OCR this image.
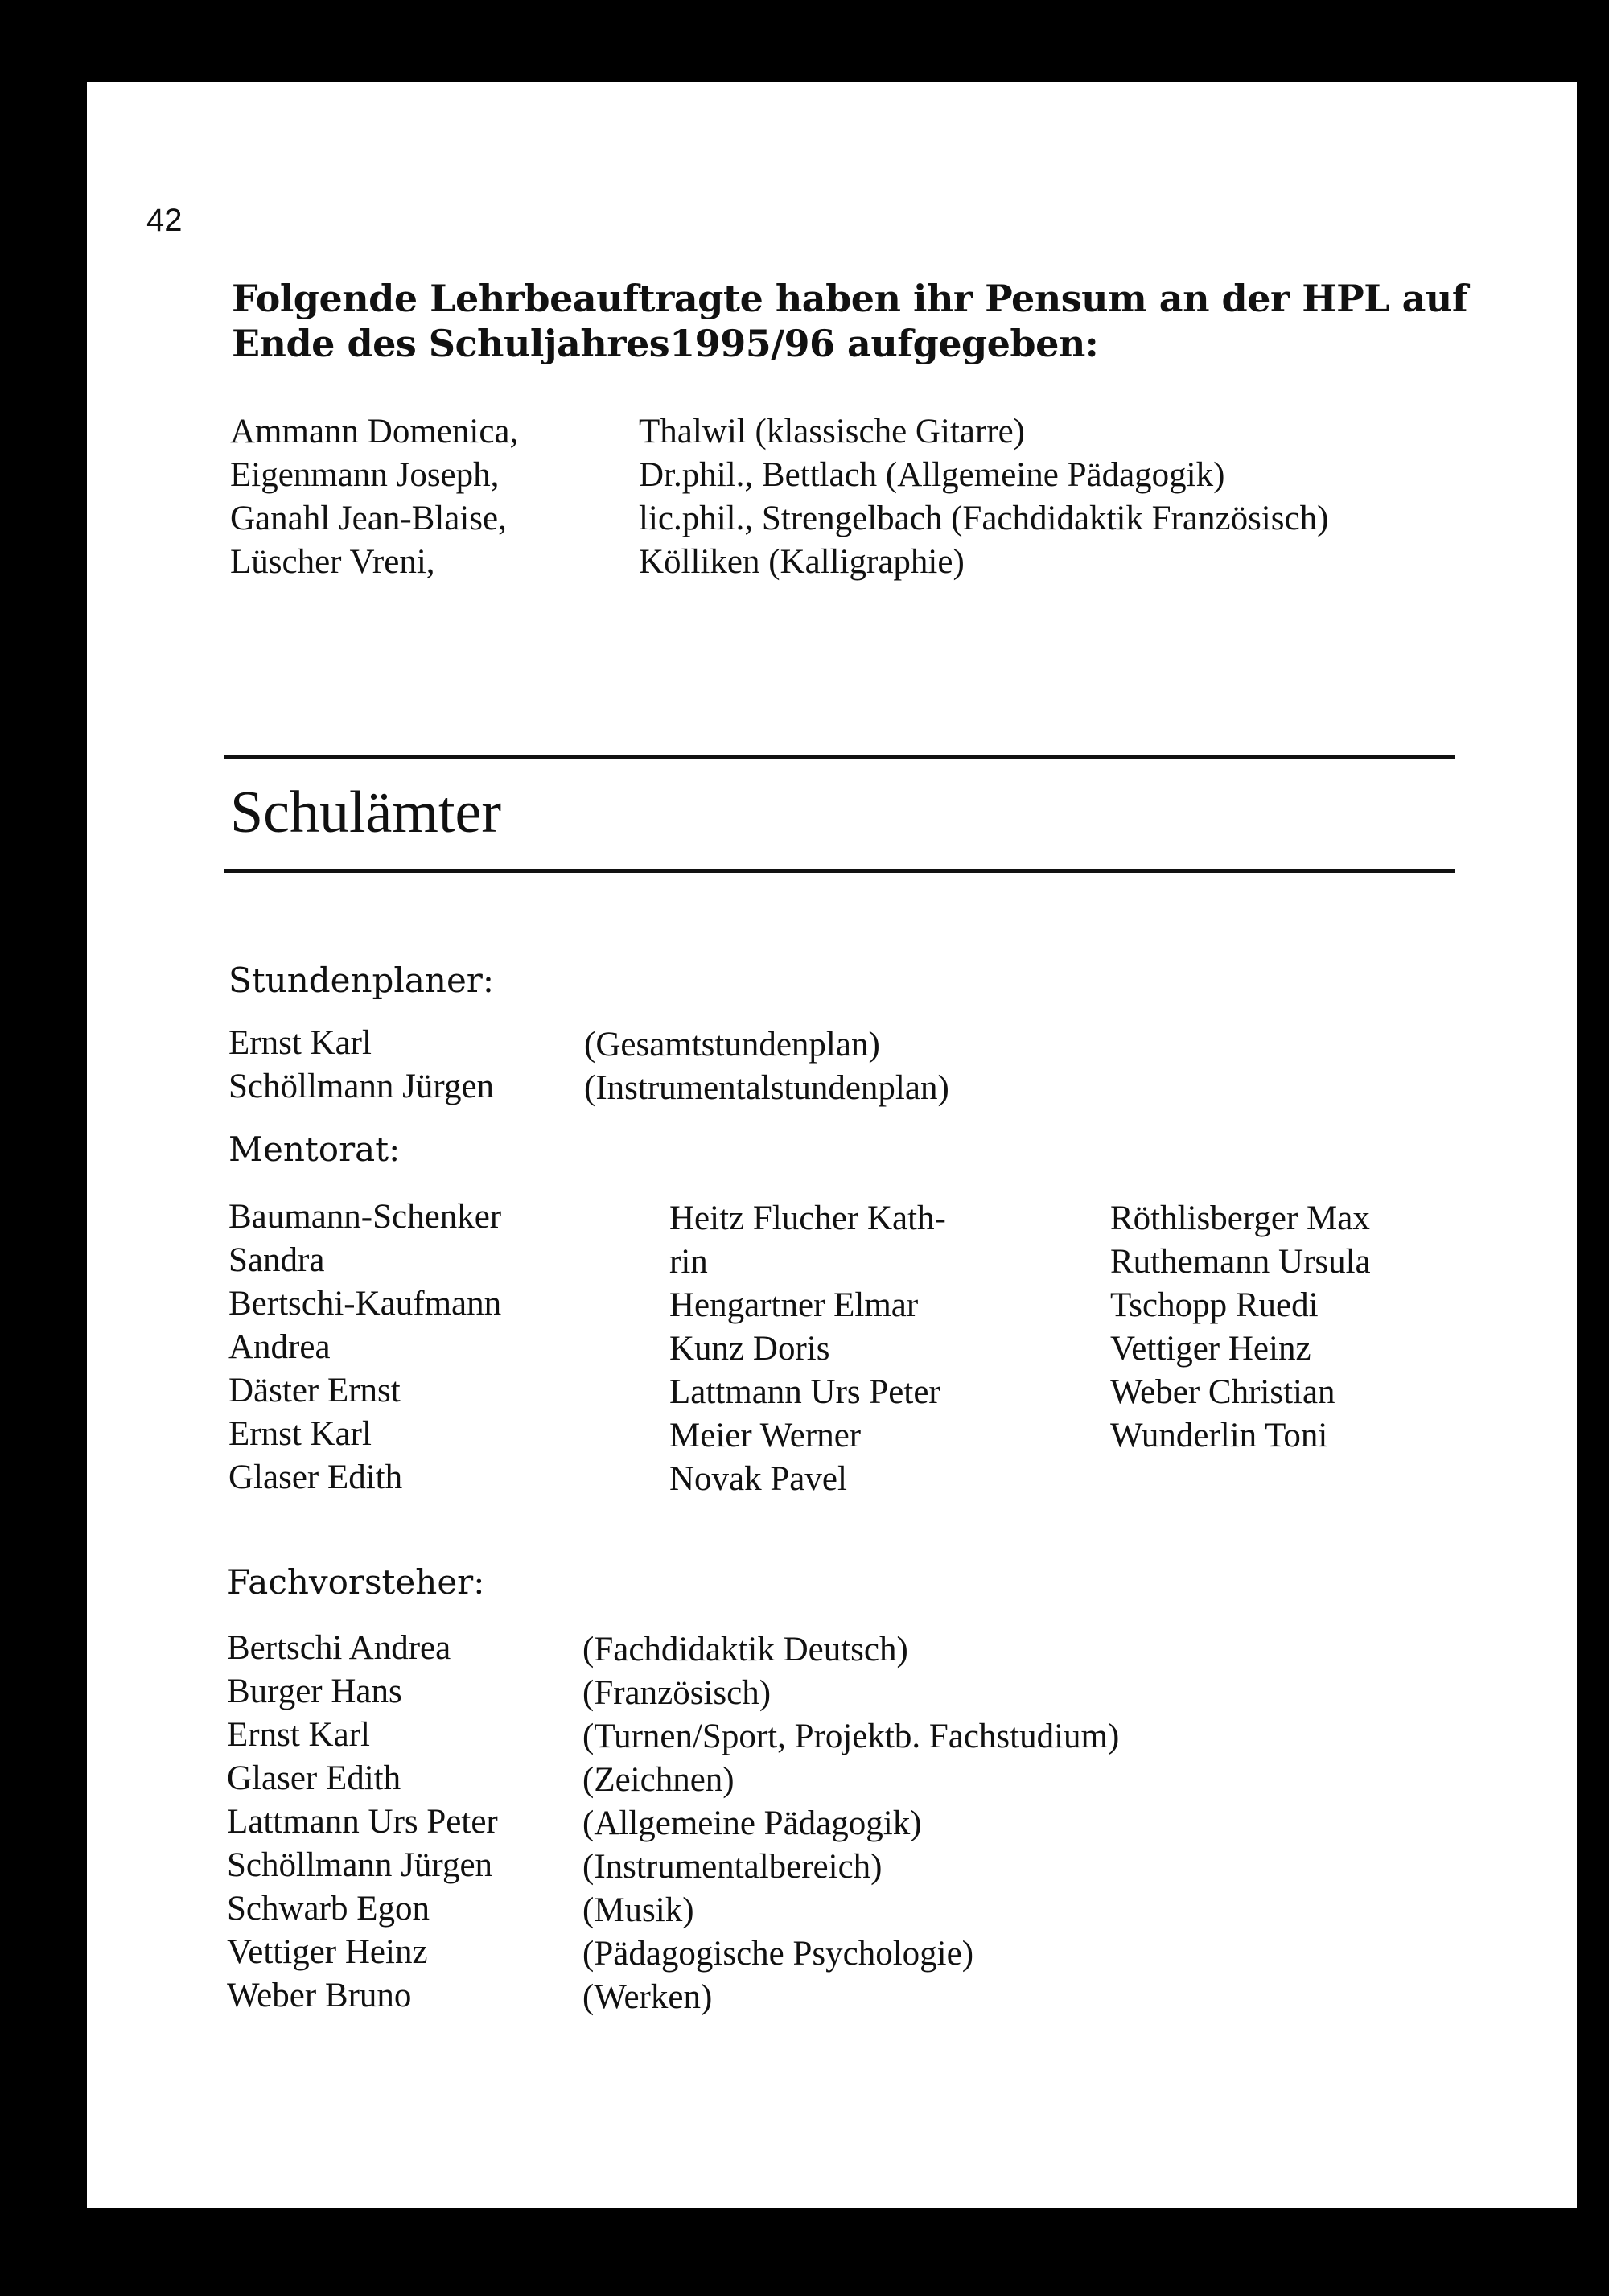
42
Folgende Lehrbeauftragte haben ihr Pensum an der HPL auf
Ende des Schuljahres1995/96 aufgegeben:
Ammann Domenica,
Eigenmann Joseph,
Ganahl Jean-Blaise,
Lüscher Vreni,
Thalwil (klassische Gitarre)
Dr.phil., Bettlach (Allgemeine Pädagogik)
lic.phil., Strengelbach (Fachdidaktik Französisch)
Kölliken (Kalligraphie)
Schulämter
Stundenplaner:
Ernst Karl
Schöllmann Jürgen
(Gesamtstundenplan)
(Instrumentalstundenplan)
Mentorat:
Baumann-Schenker
Sandra
Bertschi-Kaufmann
Andrea
Däster Ernst
Ernst Karl
Glaser Edith
Heitz Flucher Kath-
rin
Hengartner Elmar
Kunz Doris
Lattmann Urs Peter
Meier Werner
Novak Pavel
Röthlisberger Max
Ruthemann Ursula
Tschopp Ruedi
Vettiger Heinz
Weber Christian
Wunderlin Toni
Fachvorsteher:
Bertschi Andrea
Burger Hans
Ernst Karl
Glaser Edith
Lattmann Urs Peter
Schöllmann Jürgen
Schwarb Egon
Vettiger Heinz
Weber Bruno
(Fachdidaktik Deutsch)
(Französisch)
(Turnen/Sport, Projektb. Fachstudium)
(Zeichnen)
(Allgemeine Pädagogik)
(Instrumentalbereich)
(Musik)
(Pädagogische Psychologie)
(Werken)
